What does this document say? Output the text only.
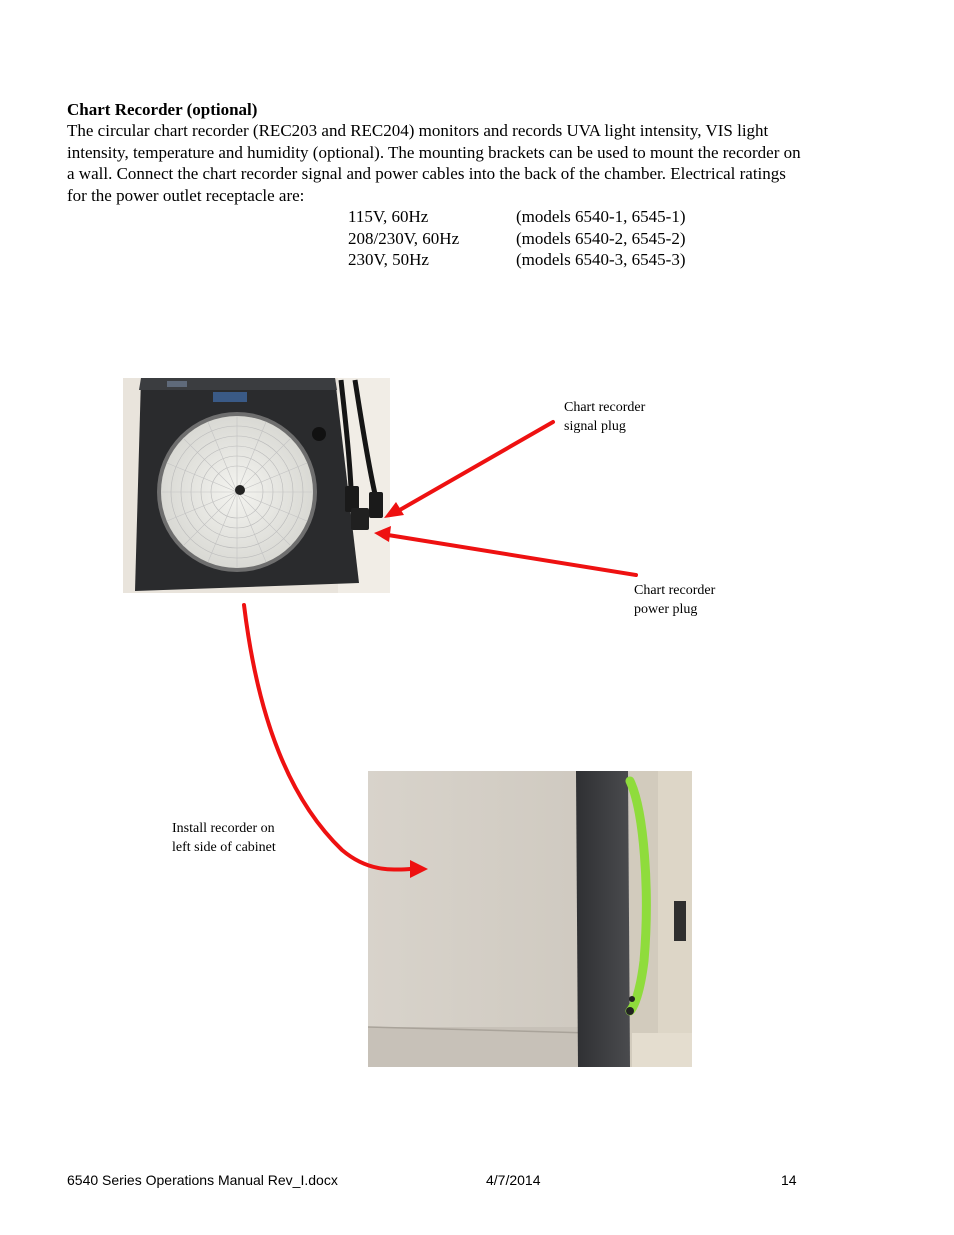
Chart Recorder (optional)
The circular chart recorder (REC203 and REC204) monitors and records UVA light intensity, VIS light
intensity, temperature and humidity (optional). The mounting brackets can be used to mount the recorder on
a wall. Connect the chart recorder signal and power cables into the back of the chamber. Electrical ratings
for the power outlet receptacle are:
115V, 60Hz	(models 6540-1, 6545-1)
208/230V, 60Hz	(models 6540-2, 6545-2)
230V, 50Hz	(models 6540-3, 6545-3)
Chart recorder
signal plug
Chart recorder
power plug
Install recorder on
left side of cabinet
6540 Series Operations Manual Rev_I.docx	4/7/2014	14
